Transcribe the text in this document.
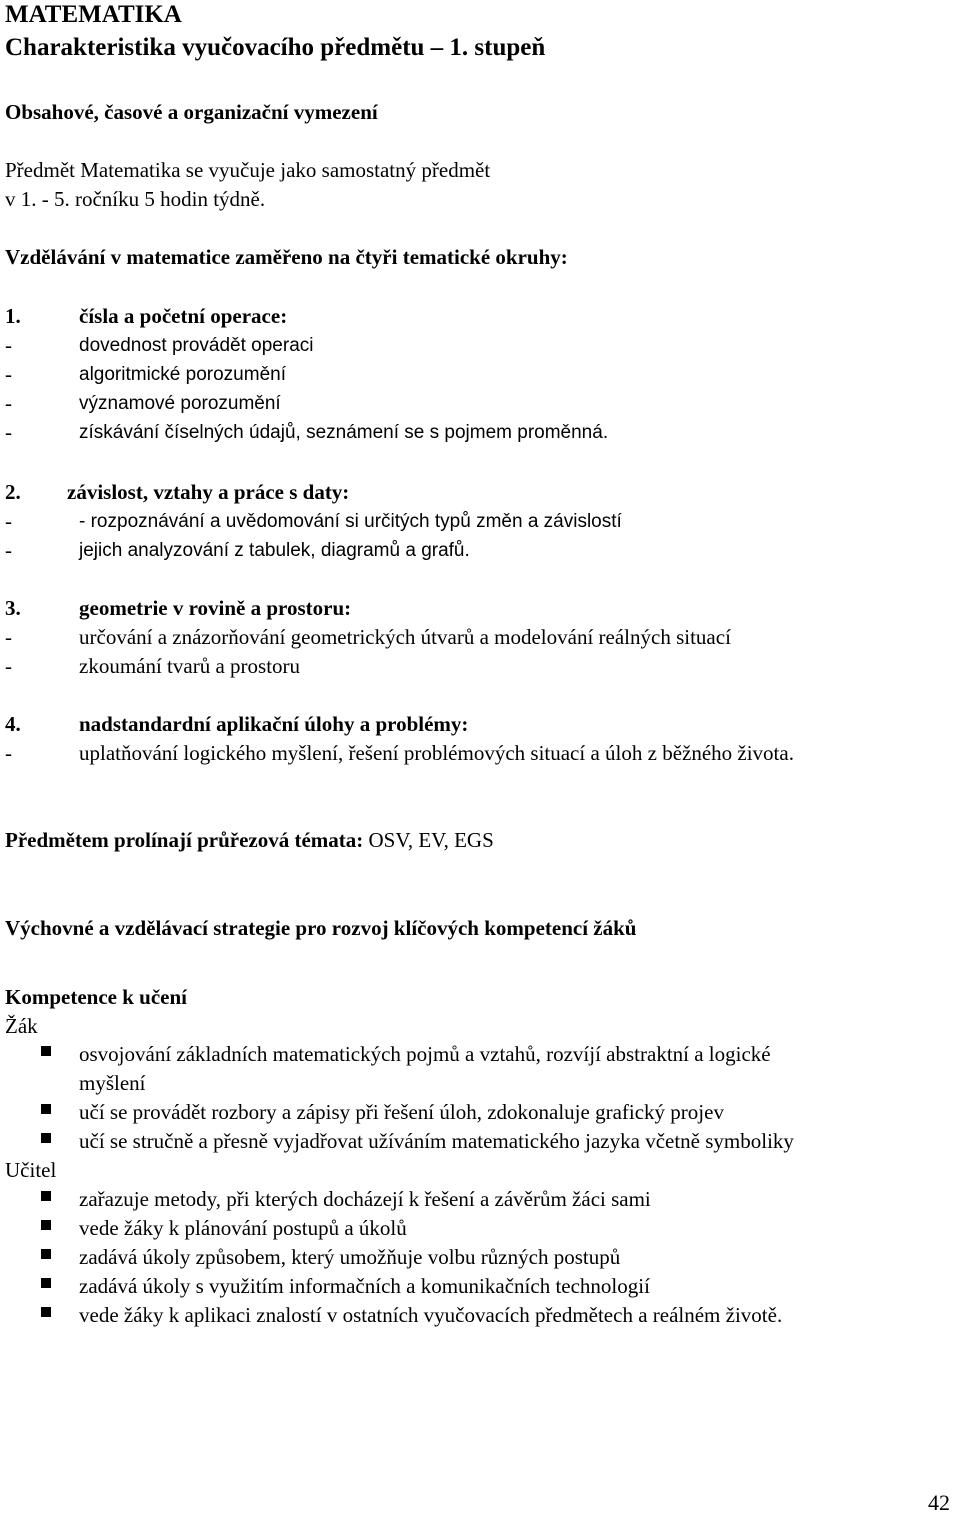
MATEMATIKA
Charakteristika vyučovacího předmětu – 1. stupeň
Obsahové, časové a organizační vymezení
Předmět Matematika se vyučuje jako samostatný předmět
v 1. - 5. ročníku 5 hodin týdně.
Vzdělávání v matematice zaměřeno na čtyři tematické okruhy:
1.	čísla a početní operace:
-	dovednost provádět operaci
-	algoritmické porozumění
-	významové porozumění
-	získávání číselných údajů, seznámení se s pojmem proměnná.
2. závislost, vztahy a práce s daty:
-	- rozpoznávání a uvědomování si určitých typů změn a závislostí
-	jejich analyzování z tabulek, diagramů a grafů.
3.	geometrie v rovině a prostoru:
-	určování a znázorňování geometrických útvarů a modelování reálných situací
-	zkoumání tvarů a prostoru
4.	nadstandardní aplikační úlohy a problémy:
-	uplatňování logického myšlení, řešení problémových situací a úloh z běžného života.
Předmětem prolínají průřezová témata: OSV, EV, EGS
Výchovné a vzdělávací strategie pro rozvoj klíčových kompetencí žáků
Kompetence k učení
Žák
osvojování základních matematických pojmů a vztahů, rozvíjí abstraktní a logické
myšlení
učí se provádět rozbory a zápisy při řešení úloh, zdokonaluje grafický projev
učí se stručně a přesně vyjadřovat užíváním matematického jazyka včetně symboliky
Učitel
zařazuje metody, při kterých docházejí k řešení a závěrům žáci sami
vede žáky k plánování postupů a úkolů
zadává úkoly způsobem, který umožňuje volbu různých postupů
zadává úkoly s využitím informačních a komunikačních technologií
vede žáky k aplikaci znalostí v ostatních vyučovacích předmětech a reálném životě.
42
